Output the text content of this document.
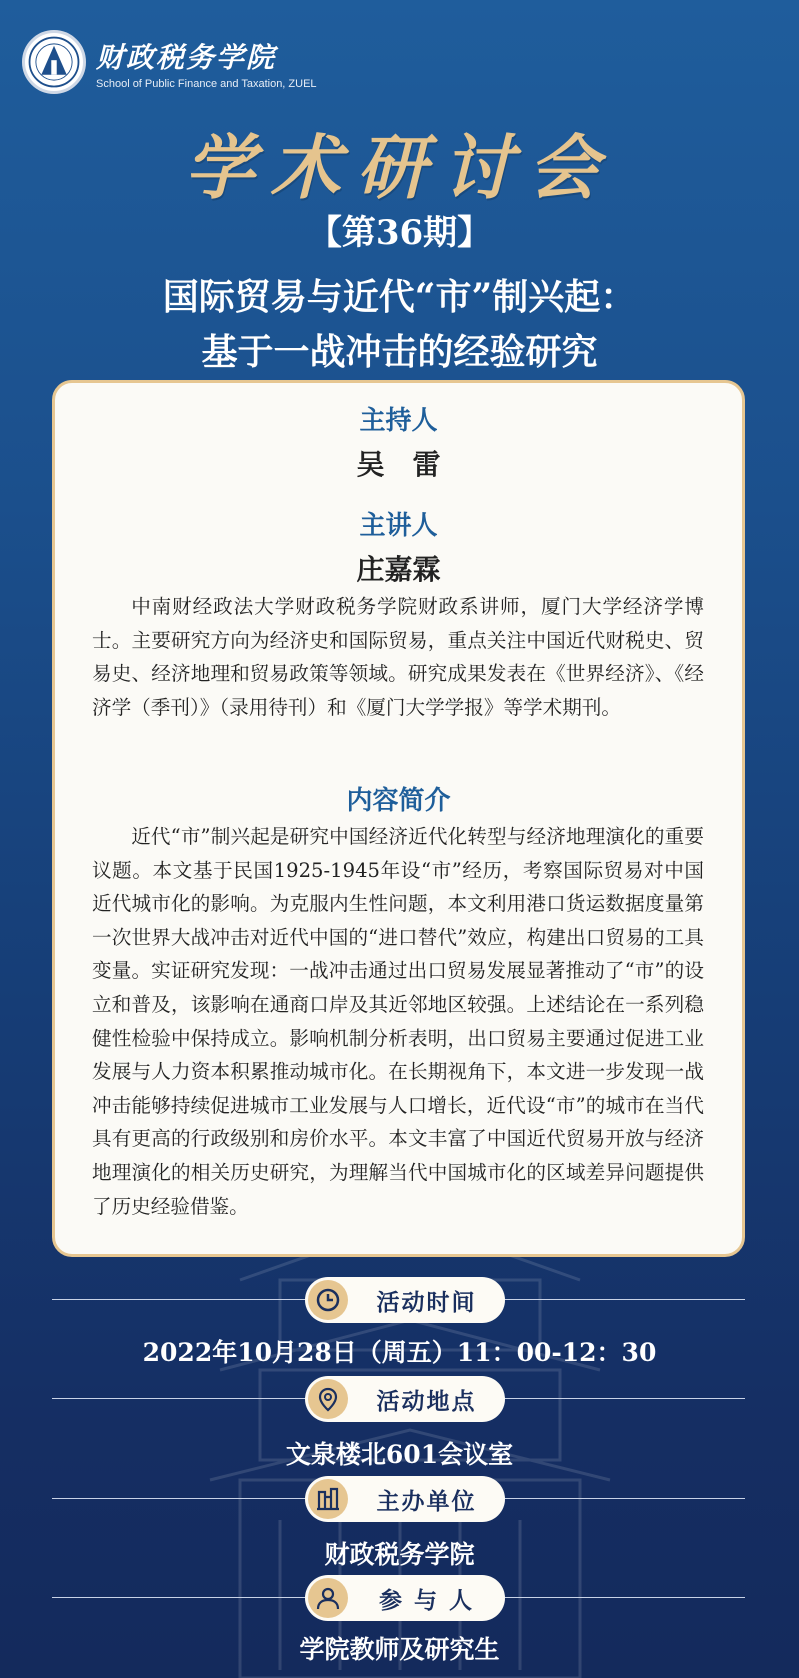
财政税务学院
School of Public Finance and Taxation, ZUEL
学术研讨会
【第36期】
国际贸易与近代“市”制兴起：
基于一战冲击的经验研究
主持人
吴　雷
主讲人
庄嘉霖

中南财经政法大学财政税务学院财政系讲师，厦门大学经济学博士。主要研究方向为经济史和国际贸易，重点关注中国近代财税史、贸易史、经济地理和贸易政策等领域。研究成果发表在《世界经济》、《经济学（季刊）》（录用待刊）和《厦门大学学报》等学术期刊。

内容简介

近代“市”制兴起是研究中国经济近代化转型与经济地理演化的重要议题。本文基于民国1925-1945年设“市”经历，考察国际贸易对中国近代城市化的影响。为克服内生性问题，本文利用港口货运数据度量第一次世界大战冲击对近代中国的“进口替代”效应，构建出口贸易的工具变量。实证研究发现：一战冲击通过出口贸易发展显著推动了“市”的设立和普及，该影响在通商口岸及其近邻地区较强。上述结论在一系列稳健性检验中保持成立。影响机制分析表明，出口贸易主要通过促进工业发展与人力资本积累推动城市化。在长期视角下，本文进一步发现一战冲击能够持续促进城市工业发展与人口增长，近代设“市”的城市在当代具有更高的行政级别和房价水平。本文丰富了中国近代贸易开放与经济地理演化的相关历史研究，为理解当代中国城市化的区域差异问题提供了历史经验借鉴。

活动时间
2022年10月28日（周五）11：00-12：30
活动地点
文泉楼北601会议室
主办单位
财政税务学院
参 与 人
学院教师及研究生
